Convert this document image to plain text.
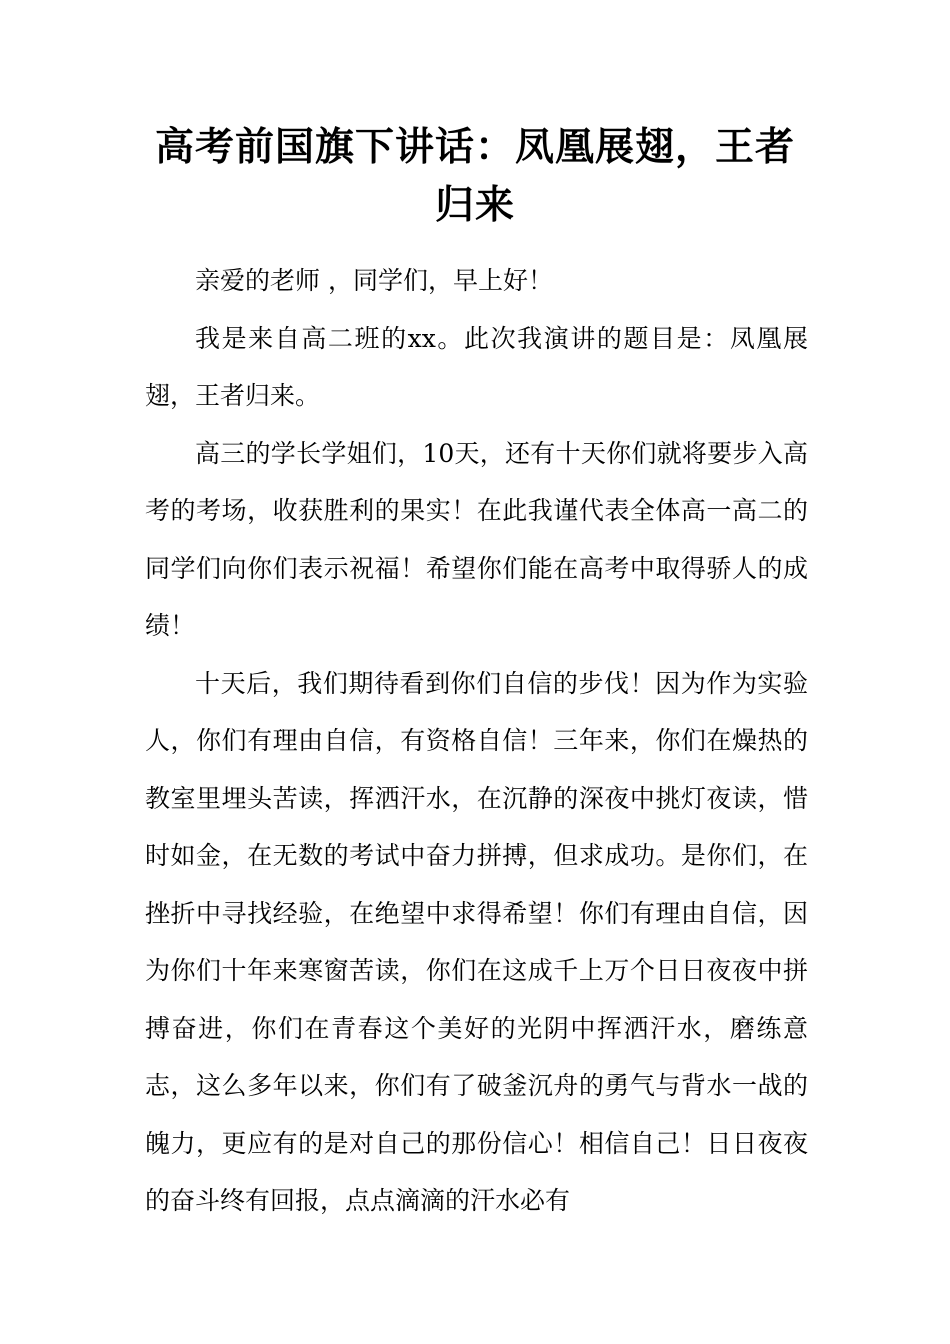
高考前国旗下讲话：凤凰展翅，王者归来

亲爱的老师 ，同学们，早上好！

我是来自高二班的xx。此次我演讲的题目是：凤凰展翅，王者归来。

高三的学长学姐们，10天，还有十天你们就将要步入高考的考场，收获胜利的果实！在此我谨代表全体高一高二的同学们向你们表示祝福！希望你们能在高考中取得骄人的成绩！

十天后，我们期待看到你们自信的步伐！因为作为实验人，你们有理由自信，有资格自信！三年来，你们在燥热的教室里埋头苦读，挥洒汗水，在沉静的深夜中挑灯夜读，惜时如金，在无数的考试中奋力拼搏，但求成功。是你们，在挫折中寻找经验，在绝望中求得希望！你们有理由自信，因为你们十年来寒窗苦读，你们在这成千上万个日日夜夜中拼搏奋进，你们在青春这个美好的光阴中挥洒汗水，磨练意志，这么多年以来，你们有了破釜沉舟的勇气与背水一战的魄力，更应有的是对自己的那份信心！相信自己！日日夜夜的奋斗终有回报，点点滴滴的汗水必有
